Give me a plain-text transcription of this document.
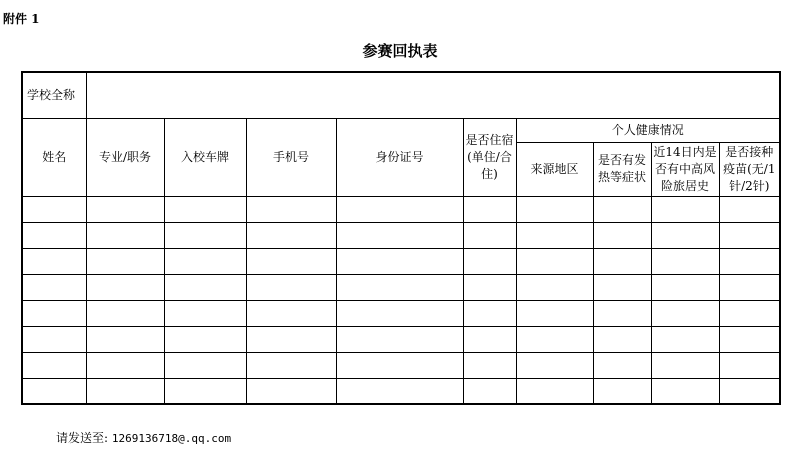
附件 1
参赛回执表
学校全称									
姓名	专业/职务	入校车牌	手机号	身份证号	是否住宿(单住/合住)	个人健康情况			
						来源地区	是否有发热等症状	近14日内是否有中高风险旅居史	是否接种疫苗(无/1针/2针)

请发送至: 1269136718@.qq.com
